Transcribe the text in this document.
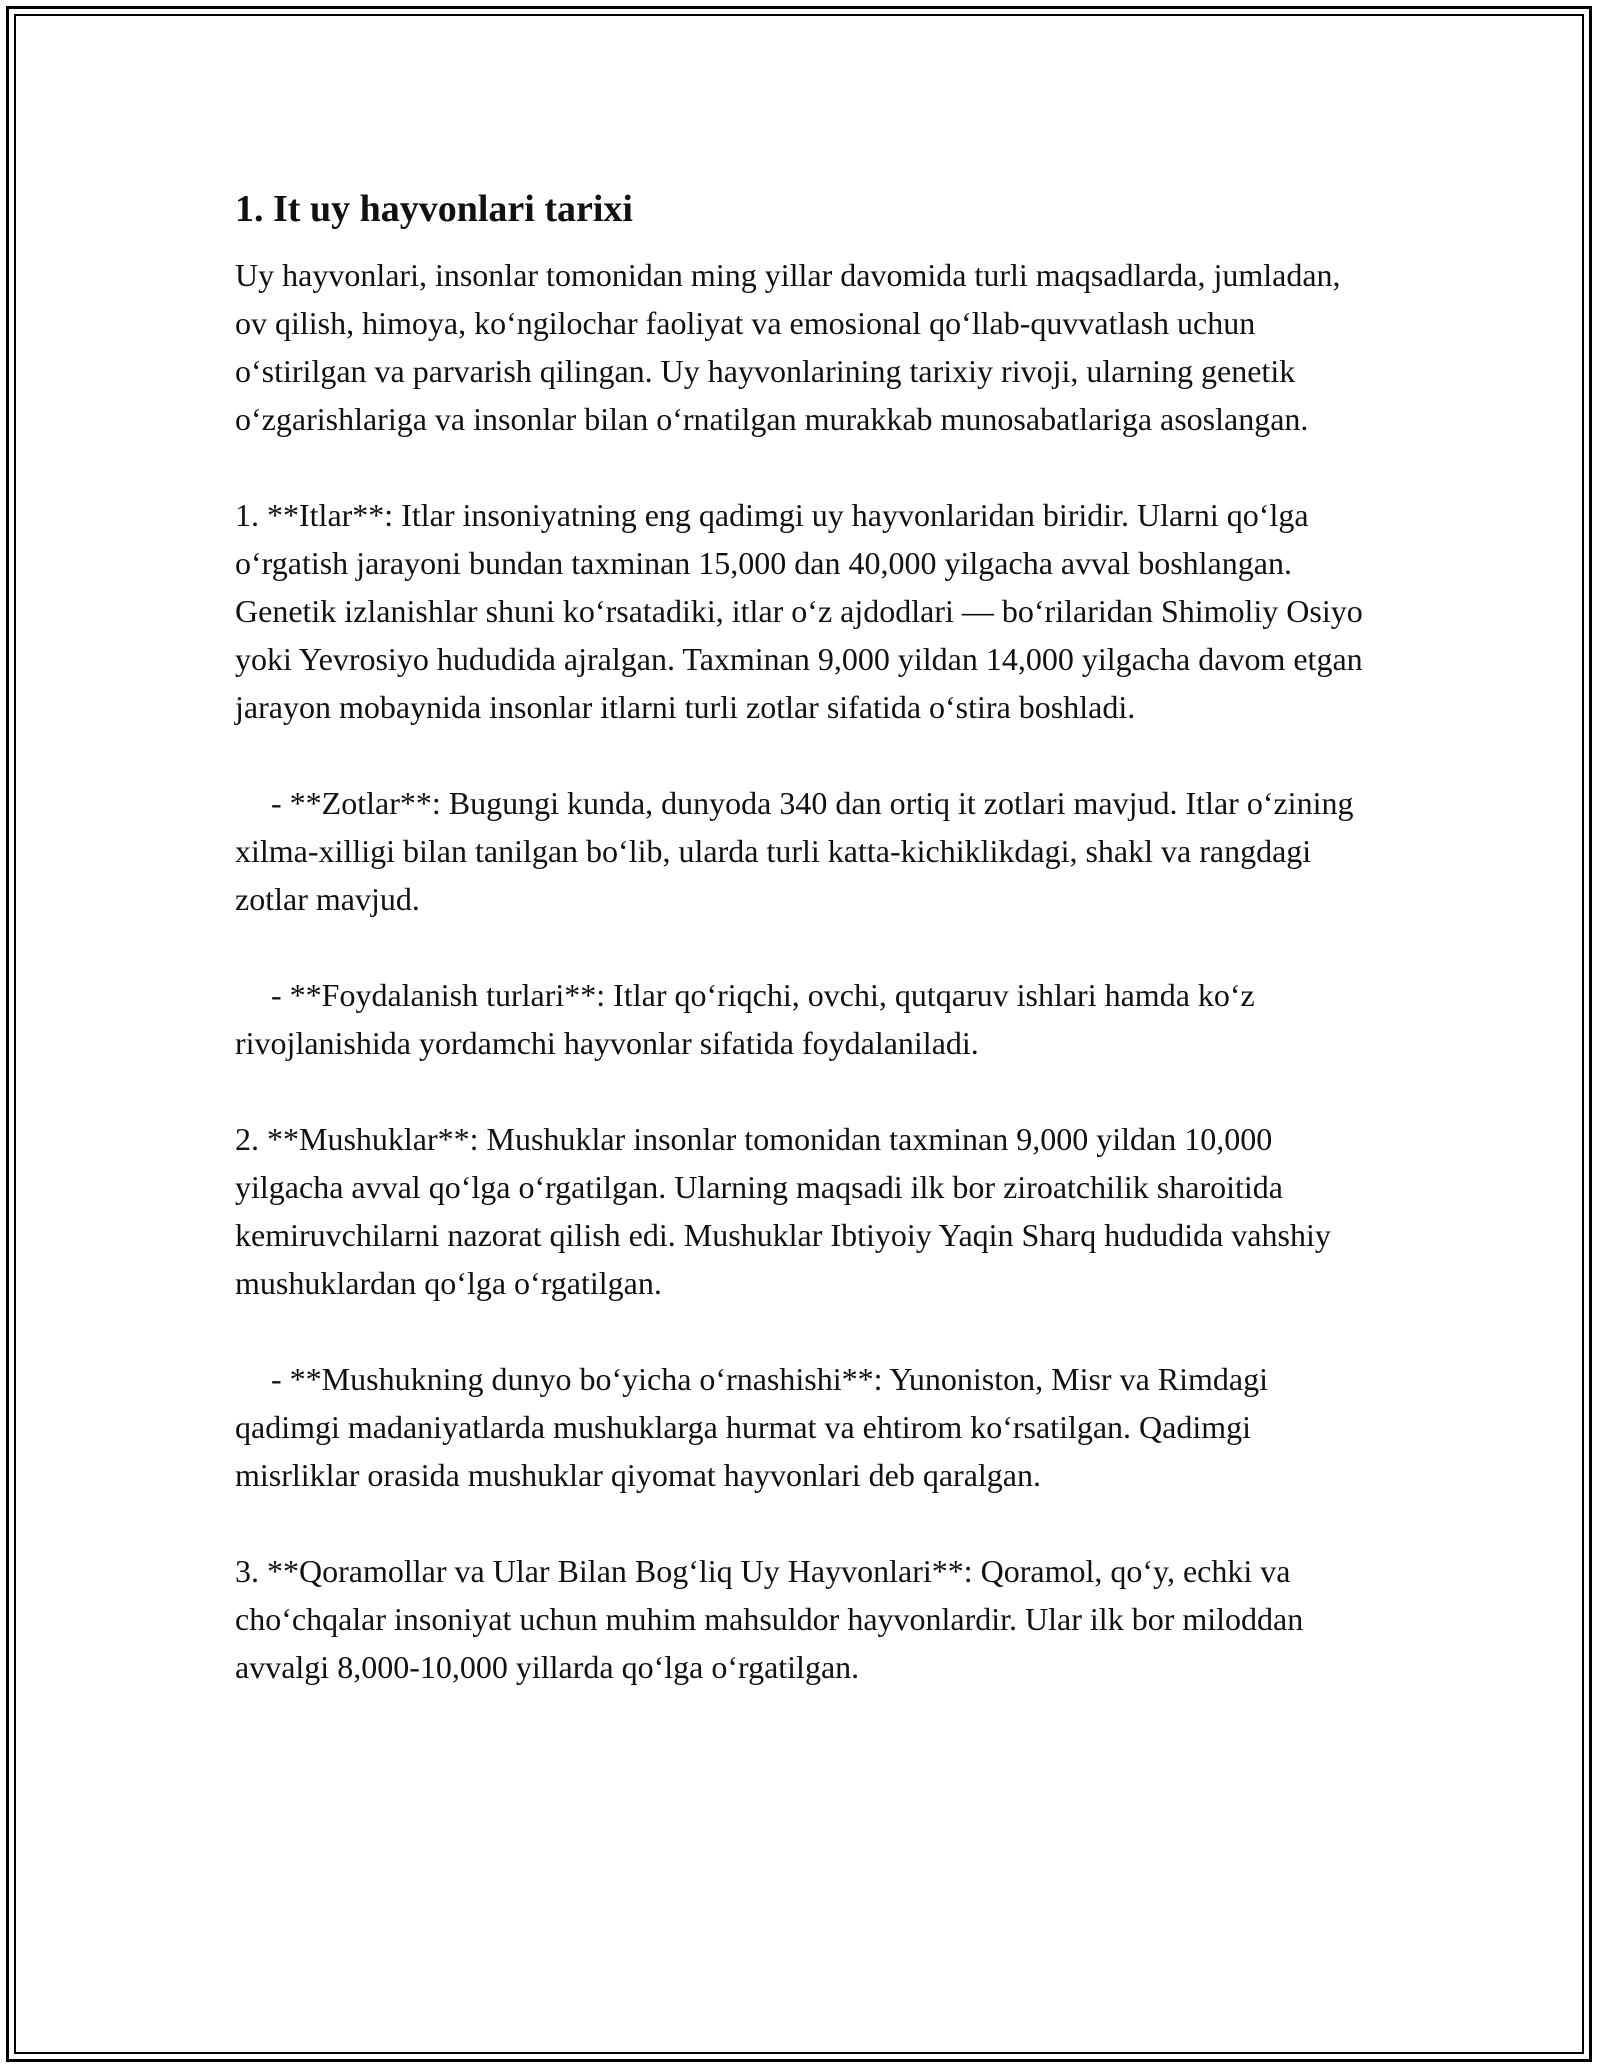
1. It uy hayvonlari tarixi

Uy hayvonlari, insonlar tomonidan ming yillar davomida turli maqsadlarda, jumladan, ov qilish, himoya, ko‘ngilochar faoliyat va emosional qo‘llab-quvvatlash uchun o‘stirilgan va parvarish qilingan. Uy hayvonlarining tarixiy rivoji, ularning genetik o‘zgarishlariga va insonlar bilan o‘rnatilgan murakkab munosabatlariga asoslangan.

1. **Itlar**: Itlar insoniyatning eng qadimgi uy hayvonlaridan biridir. Ularni qo‘lga o‘rgatish jarayoni bundan taxminan 15,000 dan 40,000 yilgacha avval boshlangan. Genetik izlanishlar shuni ko‘rsatadiki, itlar o‘z ajdodlari — bo‘rilaridan Shimoliy Osiyo yoki Yevrosiyo hududida ajralgan. Taxminan 9,000 yildan 14,000 yilgacha davom etgan jarayon mobaynida insonlar itlarni turli zotlar sifatida o‘stira boshladi.

- **Zotlar**: Bugungi kunda, dunyoda 340 dan ortiq it zotlari mavjud. Itlar o‘zining xilma-xilligi bilan tanilgan bo‘lib, ularda turli katta-kichiklikdagi, shakl va rangdagi zotlar mavjud.

- **Foydalanish turlari**: Itlar qo‘riqchi, ovchi, qutqaruv ishlari hamda ko‘z rivojlanishida yordamchi hayvonlar sifatida foydalaniladi.

2. **Mushuklar**: Mushuklar insonlar tomonidan taxminan 9,000 yildan 10,000 yilgacha avval qo‘lga o‘rgatilgan. Ularning maqsadi ilk bor ziroatchilik sharoitida kemiruvchilarni nazorat qilish edi. Mushuklar Ibtiyoiy Yaqin Sharq hududida vahshiy mushuklardan qo‘lga o‘rgatilgan.

- **Mushukning dunyo bo‘yicha o‘rnashishi**: Yunoniston, Misr va Rimdagi qadimgi madaniyatlarda mushuklarga hurmat va ehtirom ko‘rsatilgan. Qadimgi misrliklar orasida mushuklar qiyomat hayvonlari deb qaralgan.

3. **Qoramollar va Ular Bilan Bog‘liq Uy Hayvonlari**: Qoramol, qo‘y, echki va cho‘chqalar insoniyat uchun muhim mahsuldor hayvonlardir. Ular ilk bor miloddan avvalgi 8,000-10,000 yillarda qo‘lga o‘rgatilgan.
